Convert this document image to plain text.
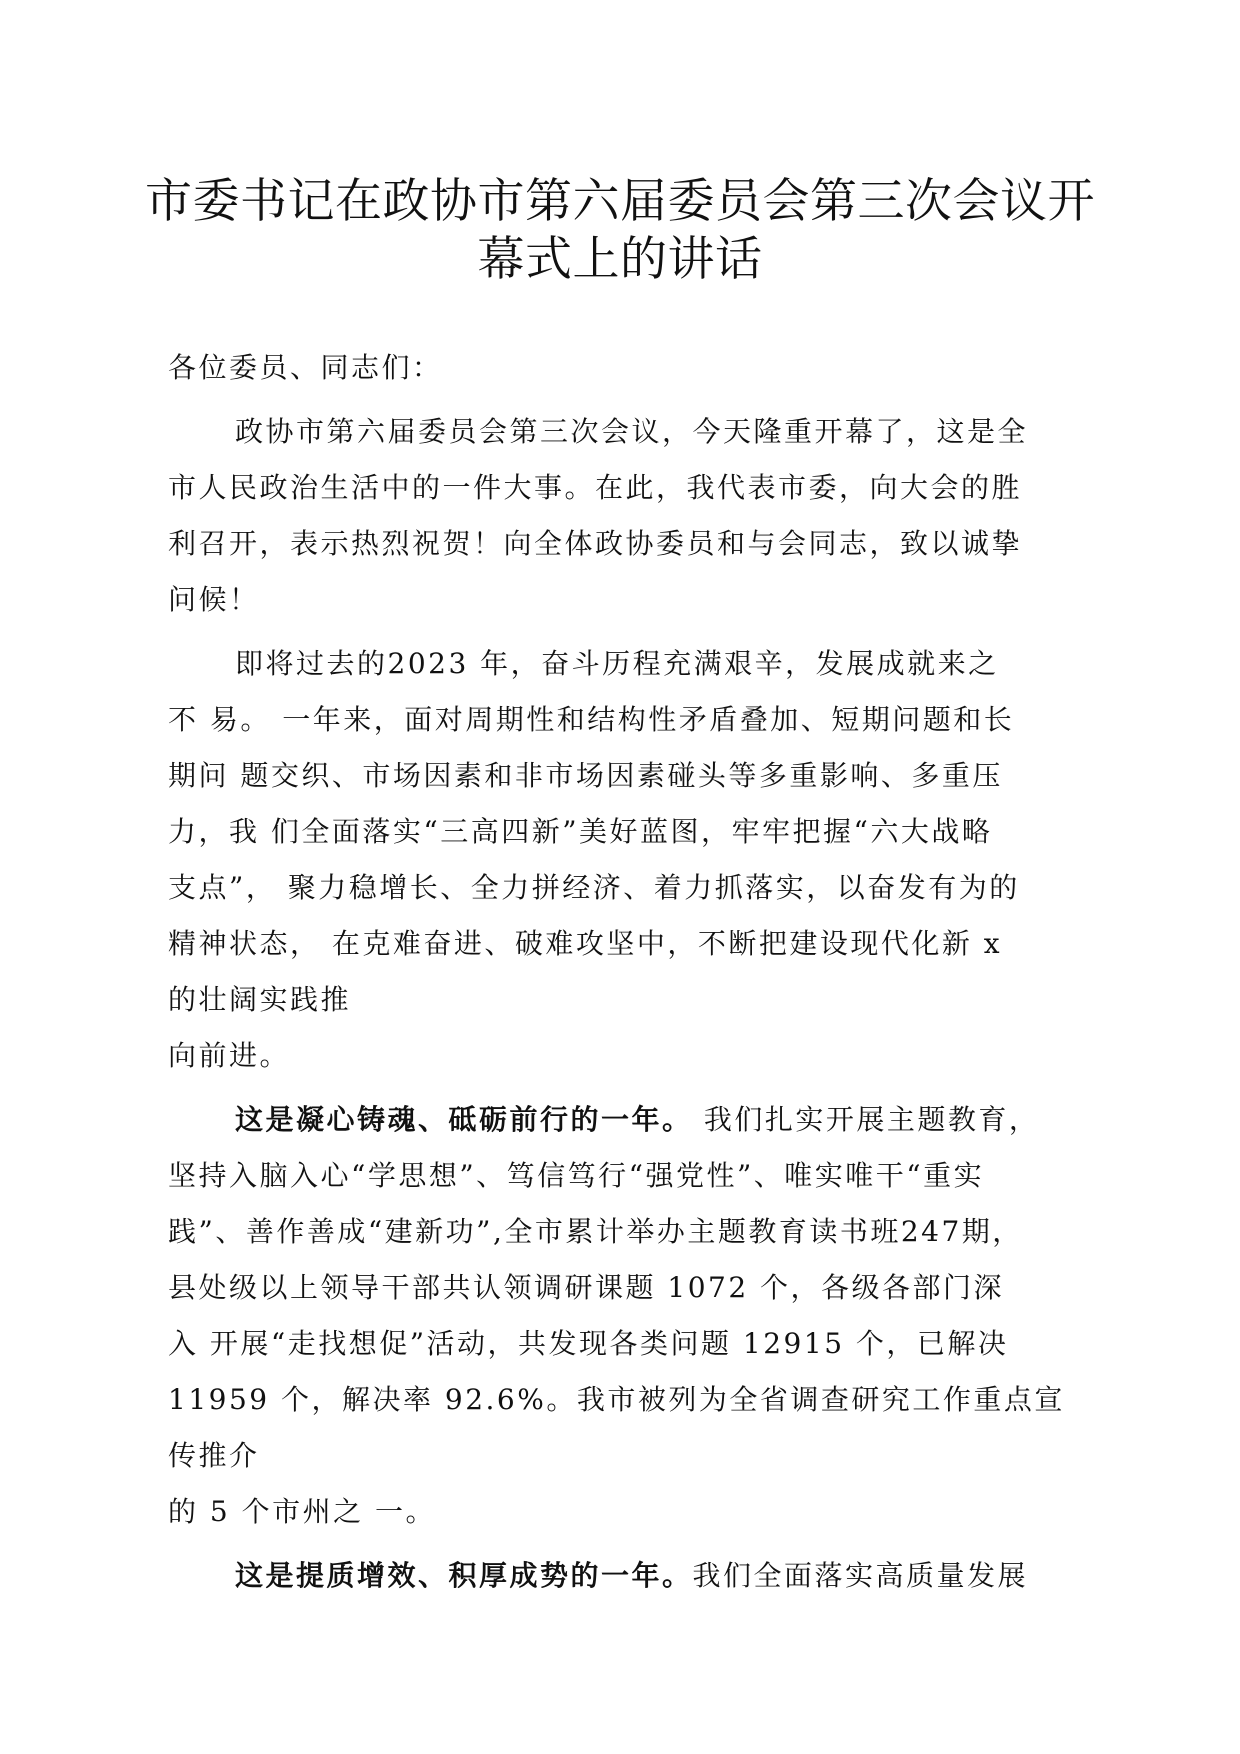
市委书记在政协市第六届委员会第三次会议开
幕式上的讲话
各位委员、同志们：
政协市第六届委员会第三次会议，今天隆重开幕了，这是全
市人民政治生活中的一件大事。在此，我代表市委，向大会的胜
利召开，表示热烈祝贺！向全体政协委员和与会同志，致以诚挚
问候！
即将过去的2023 年，奋斗历程充满艰辛，发展成就来之
不 易。 一年来，面对周期性和结构性矛盾叠加、短期问题和长
期问 题交织、市场因素和非市场因素碰头等多重影响、多重压
力，我 们全面落实“三高四新”美好蓝图，牢牢把握“六大战略
支点”， 聚力稳增长、全力拼经济、着力抓落实，以奋发有为的
精神状态， 在克难奋进、破难攻坚中，不断把建设现代化新 x
的壮阔实践推
向前进。
这是凝心铸魂、砥砺前行的一年。 我们扎实开展主题教育，
坚持入脑入心“学思想”、笃信笃行“强党性”、唯实唯干“重实
践”、善作善成“建新功”,全市累计举办主题教育读书班247期，
县处级以上领导干部共认领调研课题 1072 个，各级各部门深
入 开展“走找想促”活动，共发现各类问题 12915 个，已解决
11959 个，解决率 92.6%。我市被列为全省调查研究工作重点宣
传推介
的 5 个市州之 一。
这是提质增效、积厚成势的一年。我们全面落实高质量发展
